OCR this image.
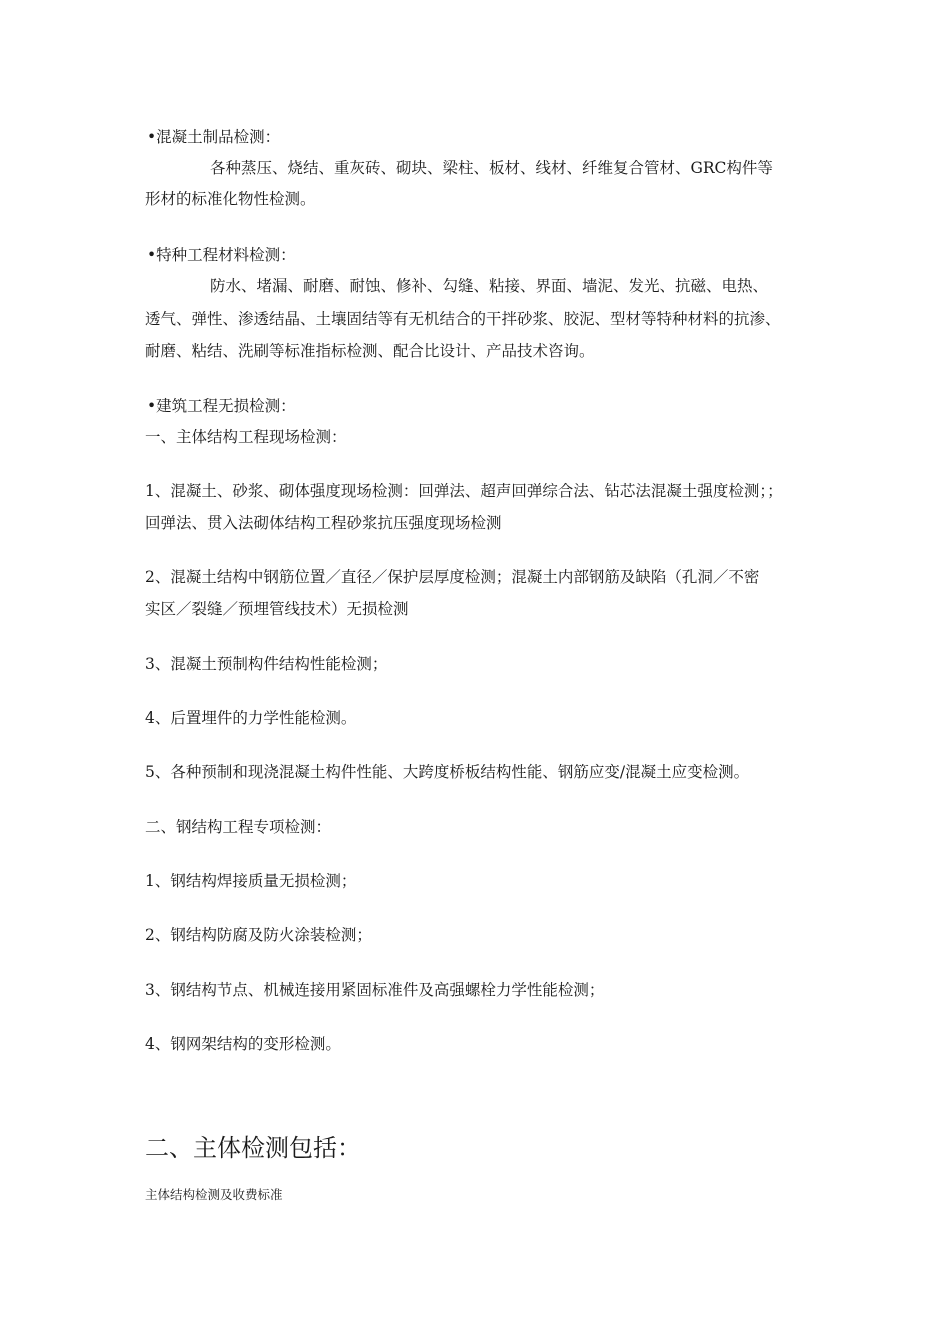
•混凝土制品检测：
各种蒸压、烧结、重灰砖、砌块、梁柱、板材、线材、纤维复合管材、GRC构件等
形材的标准化物性检测。
•特种工程材料检测：
防水、堵漏、耐磨、耐蚀、修补、勾缝、粘接、界面、墙泥、发光、抗磁、电热、
透气、弹性、渗透结晶、土壤固结等有无机结合的干拌砂浆、胶泥、型材等特种材料的抗渗、
耐磨、粘结、洗刷等标准指标检测、配合比设计、产品技术咨询。
•建筑工程无损检测：
一、主体结构工程现场检测：
1、混凝土、砂浆、砌体强度现场检测：回弹法、超声回弹综合法、钻芯法混凝土强度检测；；
回弹法、贯入法砌体结构工程砂浆抗压强度现场检测
2、混凝土结构中钢筋位置／直径／保护层厚度检测；混凝土内部钢筋及缺陷（孔洞／不密
实区／裂缝／预埋管线技术）无损检测
3、混凝土预制构件结构性能检测；
4、后置埋件的力学性能检测。
5、各种预制和现浇混凝土构件性能、大跨度桥板结构性能、钢筋应变/混凝土应变检测。
二、钢结构工程专项检测：
1、钢结构焊接质量无损检测；
2、钢结构防腐及防火涂装检测；
3、钢结构节点、机械连接用紧固标准件及高强螺栓力学性能检测；
4、钢网架结构的变形检测。
二、主体检测包括：
主体结构检测及收费标准
